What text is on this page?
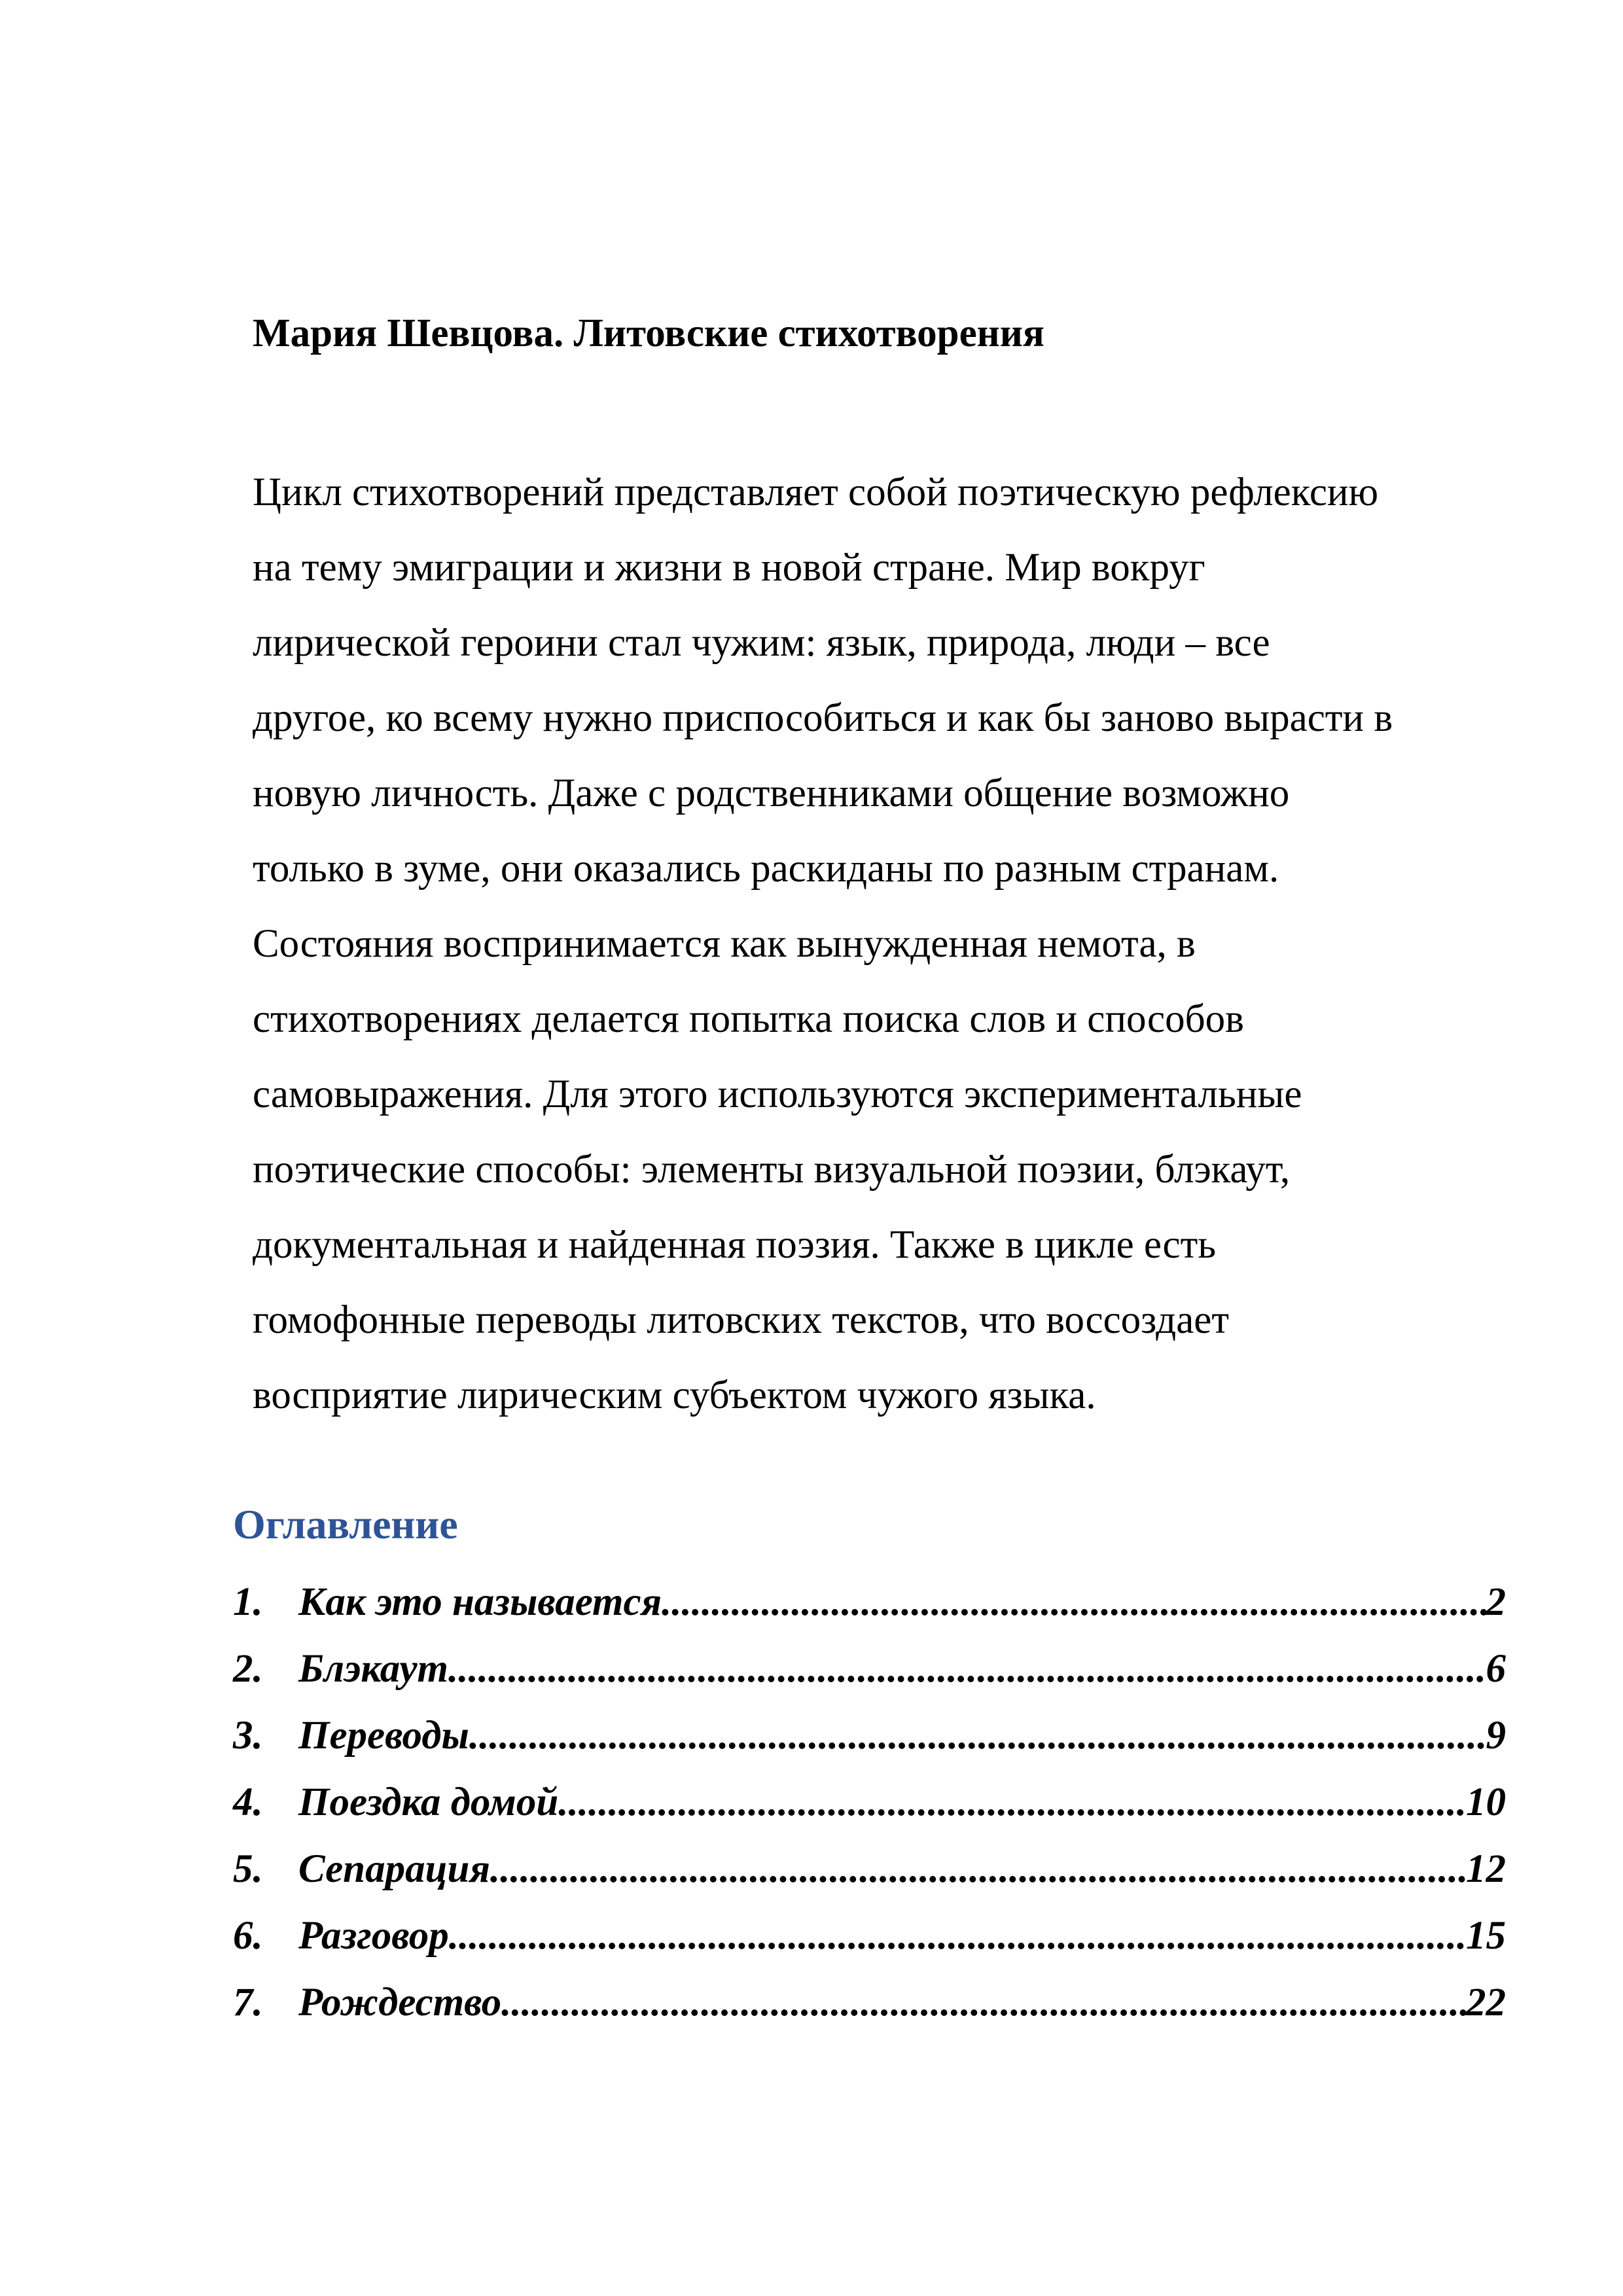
Мария Шевцова. Литовские стихотворения
Цикл стихотворений представляет собой поэтическую рефлексию
на тему эмиграции и жизни в новой стране. Мир вокруг
лирической героини стал чужим: язык, природа, люди – все
другое, ко всему нужно приспособиться и как бы заново вырасти в
новую личность. Даже с родственниками общение возможно
только в зуме, они оказались раскиданы по разным странам.
Состояния воспринимается как вынужденная немота, в
стихотворениях делается попытка поиска слов и способов
самовыражения. Для этого используются экспериментальные
поэтические способы: элементы визуальной поэзии, блэкаут,
документальная и найденная поэзия. Также в цикле есть
гомофонные переводы литовских текстов, что воссоздает
восприятие лирическим субъектом чужого языка.
Оглавление
1. Как это называется .....	2
2. Блэкаут .....	6
3. Переводы .....	9
4. Поездка домой .....	10
5. Сепарация .....	12
6. Разговор .....	15
7. Рождество .....	22
